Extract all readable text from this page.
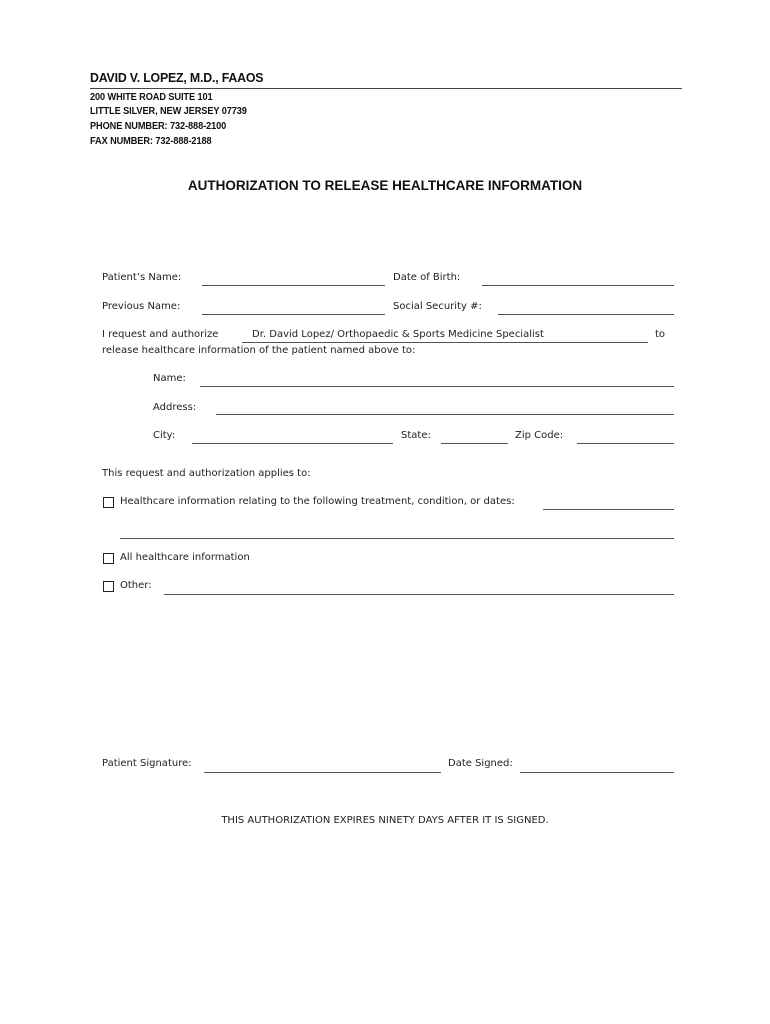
DAVID V. LOPEZ, M.D., FAAOS
200 WHITE ROAD SUITE 101
LITTLE SILVER, NEW JERSEY 07739
PHONE NUMBER: 732-888-2100
FAX NUMBER: 732-888-2188
AUTHORIZATION TO RELEASE HEALTHCARE INFORMATION
Patient’s Name:	Date of Birth:
Previous Name:	Social Security #:
I request and authorize	Dr. David Lopez/ Orthopaedic & Sports Medicine Specialist	to
release healthcare information of the patient named above to:
Name:
Address:
City:	State:	Zip Code:
This request and authorization applies to:
Healthcare information relating to the following treatment, condition, or dates:
All healthcare information
Other:
Patient Signature:	Date Signed:
THIS AUTHORIZATION EXPIRES NINETY DAYS AFTER IT IS SIGNED.
